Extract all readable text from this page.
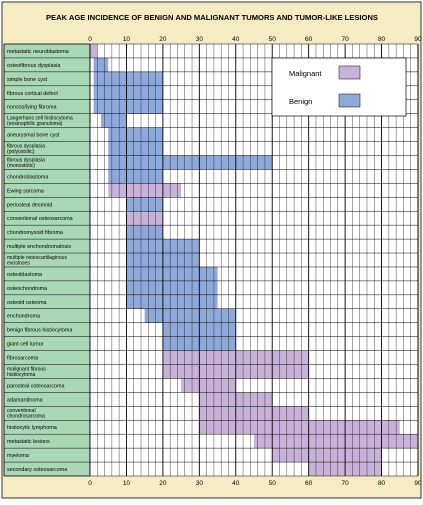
PEAK AGE INCIDENCE OF BENIGN AND MALIGNANT TUMORS AND TUMOR-LIKE LESIONS
0	10	20	30	40	50	60	70	80	90
0	10	20	30	40	50	60	70	80	90
metastatic neuroblastoma
osteofibrous dysplasia
simple bone cyst
fibrous cortical defect
nonossifying fibroma
Langerhans cell histiocytoma (eosinophilic granuloma)
aneurysmal bone cyst
fibrous dysplasia (polyostotic)
fibrous dysplasia (monostotic)
chondroblastoma
Ewing sarcoma
periosteal desmoid
conventional osteosarcoma
chondromyxoid fibroma
multiple enchondromatosis
multiple osteocartilaginous exostoses
osteoblastoma
osteochondroma
osteoid osteoma
enchondroma
benign fibrous histiocytoma
giant cell tumor
fibrosarcoma
malignant fibrous histiocytoma
parosteal osteosarcoma
adamantinoma
conventional chondrosarcoma
histiocytic lymphoma
metastatic lesions
myeloma
secondary osteosarcoma
Malignant
Benign
